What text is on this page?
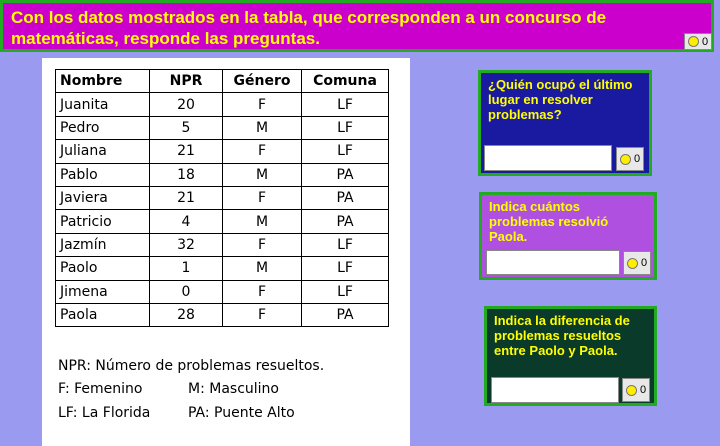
Con los datos mostrados en la tabla, que corresponden a un concurso de matemáticas, responde las preguntas.	0
Nombre	NPR	Género	Comuna
Juanita	20	F	LF
Pedro	5	M	LF
Juliana	21	F	LF
Pablo	18	M	PA
Javiera	21	F	PA
Patricio	4	M	PA
Jazmín	32	F	LF
Paolo	1	M	LF
Jimena	0	F	LF
Paola	28	F	PA
NPR: Número de problemas resueltos.
F: Femenino	M: Masculino
LF: La Florida	PA: Puente Alto
¿Quién ocupó el último lugar en resolver problemas?
0
Indica cuántos problemas resolvió Paola.
0
Indica la diferencia de problemas resueltos entre Paolo y Paola.
0
